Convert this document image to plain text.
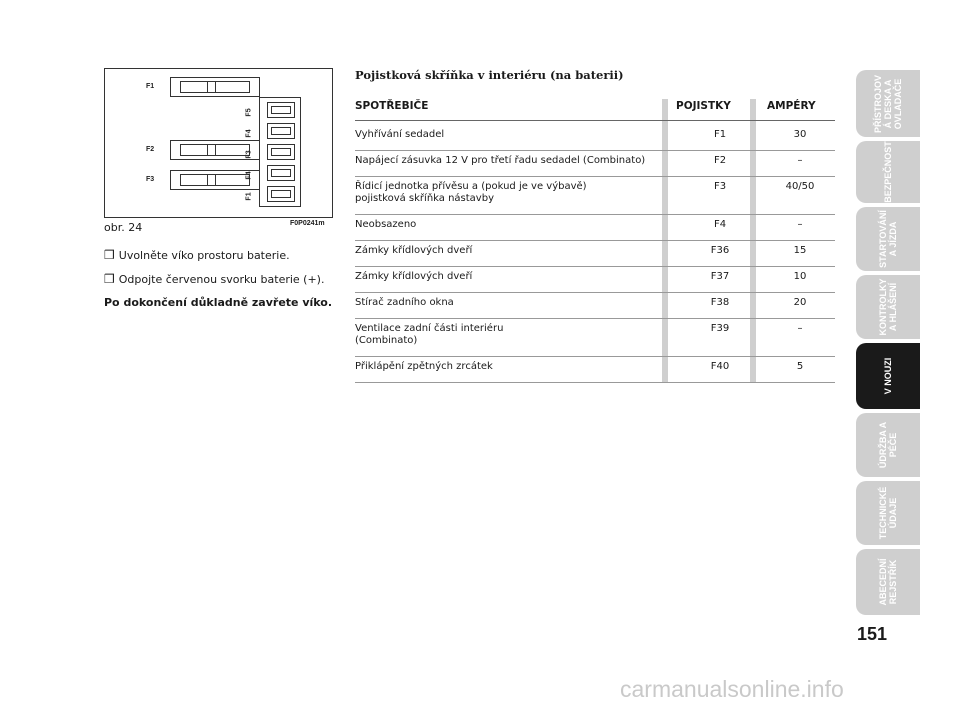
F1
F2
F3
F5
F4
F3
F4
F1
obr. 24	F0P0241m
❒ Uvolněte víko prostoru baterie.
❒ Odpojte červenou svorku baterie (+).
Po dokončení důkladně zavřete víko.
Pojistková skříňka v interiéru (na baterii)
SPOTŘEBIČE	POJISTKY	AMPÉRY
Vyhřívání sedadel	F1	30
Napájecí zásuvka 12 V pro třetí řadu sedadel (Combinato)	F2	–
Řídicí jednotka přívěsu a (pokud je ve výbavě)
pojistková skříňka nástavby
F3	40/50
Neobsazeno	F4	–
Zámky křídlových dveří	F36	15
Zámky křídlových dveří	F37	10
Stírač zadního okna	F38	20
Ventilace zadní části interiéru
(Combinato)
F39	–
Přiklápění zpětných zrcátek	F40	5
PŘÍSTROJOV
Á DESKA A
OVLADAČE
BEZPEČNOST
STARTOVÁNÍ
A JÍZDA
KONTROLKY
A HLÁŠENÍ
V NOUZI
ÚDRŽBA A
PÉČE
TECHNICKÉ
ÚDAJE
ABECEDNÍ
REJSTŘÍK
151
carmanualsonline.info
